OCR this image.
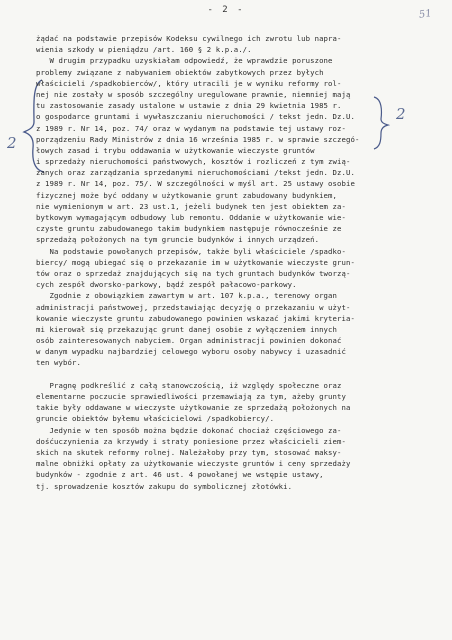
- 2 -	51
2
2
żądać na podstawie przepisów Kodeksu cywilnego ich zwrotu lub napra-
wienia szkody w pieniądzu /art. 160 § 2 k.p.a./.
W drugim przypadku uzyskiałam odpowiedź, że wprawdzie poruszone
problemy związane z nabywaniem obiektów zabytkowych przez byłych
właścicieli /spadkobierców/, który utracili je w wyniku reformy rol-
nej nie zostały w sposób szczególny uregulowane prawnie, niemniej mają
tu zastosowanie zasady ustalone w ustawie z dnia 29 kwietnia 1985 r.
o gospodarce gruntami i wywłaszczaniu nieruchomości / tekst jedn. Dz.U.
z 1989 r. Nr 14, poz. 74/ oraz w wydanym na podstawie tej ustawy roz-
porządzeniu Rady Ministrów z dnia 16 września 1985 r. w sprawie szczegó-
łowych zasad i trybu oddawania w użytkowanie wieczyste gruntów
i sprzedaży nieruchomości państwowych, kosztów i rozliczeń z tym zwią-
zanych oraz zarządzania sprzedanymi nieruchomościami /tekst jedn. Dz.U.
z 1989 r. Nr 14, poz. 75/. W szczególności w myśl art. 25 ustawy osobie
fizycznej może być oddany w użytkowanie grunt zabudowany budynkiem,
nie wymienionym w art. 23 ust.1, jeżeli budynek ten jest obiektem za-
bytkowym wymagającym odbudowy lub remontu. Oddanie w użytkowanie wie-
czyste gruntu zabudowanego takim budynkiem następuje równocześnie ze
sprzedażą położonych na tym gruncie budynków i innych urządzeń.
Na podstawie powołanych przepisów, także byli właściciele /spadko-
biercy/ mogą ubiegać się o przekazanie im w użytkowanie wieczyste grun-
tów oraz o sprzedaż znajdujących się na tych gruntach budynków tworzą-
cych zespół dworsko-parkowy, bądź zespół pałacowo-parkowy.
Zgodnie z obowiązkiem zawartym w art. 107 k.p.a., terenowy organ
administracji państwowej, przedstawiając decyzję o przekazaniu w użyt-
kowanie wieczyste gruntu zabudowanego powinien wskazać jakimi kryteria-
mi kierował się przekazując grunt danej osobie z wyłączeniem innych
osób zainteresowanych nabyciem. Organ administracji powinien dokonać
w danym wypadku najbardziej celowego wyboru osoby nabywcy i uzasadnić
ten wybór.
Pragnę podkreślić z całą stanowczością, iż względy społeczne oraz
elementarne poczucie sprawiedliwości przemawiają za tym, ażeby grunty
takie były oddawane w wieczyste użytkowanie ze sprzedażą położonych na
gruncie obiektów byłemu właścicielowi /spadkobiercy/.
Jedynie w ten sposób można będzie dokonać chociaż częściowego za-
dośćuczynienia za krzywdy i straty poniesione przez właścicieli ziem-
skich na skutek reformy rolnej. Należałoby przy tym, stosować maksy-
malne obniżki opłaty za użytkowanie wieczyste gruntów i ceny sprzedaży
budynków - zgodnie z art. 46 ust. 4 powołanej we wstępie ustawy,
tj. sprowadzenie kosztów zakupu do symbolicznej złotówki.
